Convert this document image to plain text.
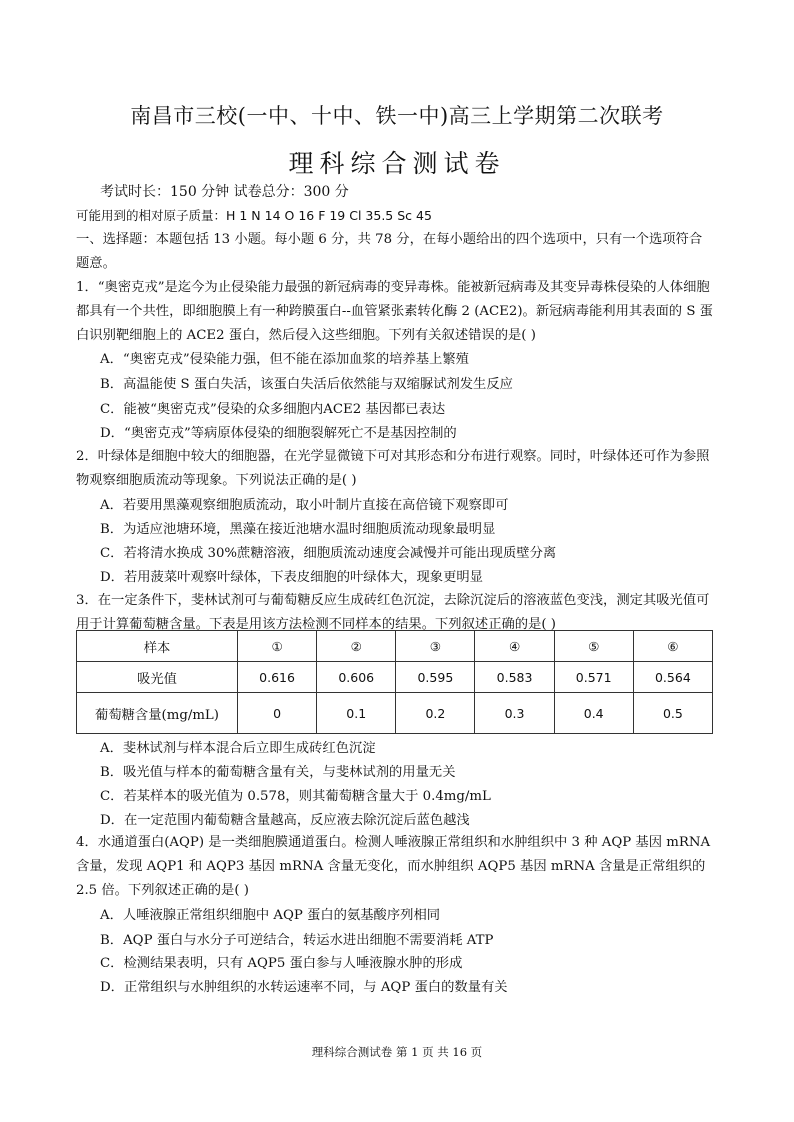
南昌市三校(一中、十中、铁一中)高三上学期第二次联考
理科综合测试卷
考试时长：150 分钟 试卷总分：300 分
可能用到的相对原子质量：H 1 N 14 O 16 F 19 Cl 35.5 Sc 45
一、选择题：本题包括 13 小题。每小题 6 分，共 78 分，在每小题给出的四个选项中，只有一个选项符合 题意。
1．“奥密克戎”是迄今为止侵染能力最强的新冠病毒的变异毒株。能被新冠病毒及其变异毒株侵染的人体细胞都具有一个共性，即细胞膜上有一种跨膜蛋白--血管紧张素转化酶 2 (ACE2)。新冠病毒能利用其表面的 S 蛋白识别靶细胞上的 ACE2 蛋白，然后侵入这些细胞。下列有关叙述错误的是( )
A．“奥密克戎”侵染能力强，但不能在添加血浆的培养基上繁殖
B．高温能使 S 蛋白失活，该蛋白失活后依然能与双缩脲试剂发生反应
C．能被“奥密克戎”侵染的众多细胞内ACE2 基因都已表达
D．“奥密克戎”等病原体侵染的细胞裂解死亡不是基因控制的
2．叶绿体是细胞中较大的细胞器，在光学显微镜下可对其形态和分布进行观察。同时，叶绿体还可作为参照物观察细胞质流动等现象。下列说法正确的是( )
A．若要用黑藻观察细胞质流动，取小叶制片直接在高倍镜下观察即可
B．为适应池塘环境，黑藻在接近池塘水温时细胞质流动现象最明显
C．若将清水换成 30%蔗糖溶液，细胞质流动速度会减慢并可能出现质壁分离
D．若用菠菜叶观察叶绿体，下表皮细胞的叶绿体大，现象更明显
3．在一定条件下，斐林试剂可与葡萄糖反应生成砖红色沉淀，去除沉淀后的溶液蓝色变浅，测定其吸光值可用于计算葡萄糖含量。下表是用该方法检测不同样本的结果。下列叙述正确的是( )
样本	①	②	③	④	⑤	⑥
吸光值	0.616	0.606	0.595	0.583	0.571	0.564
葡萄糖含量(mg/mL)	0	0.1	0.2	0.3	0.4	0.5
A．斐林试剂与样本混合后立即生成砖红色沉淀
B．吸光值与样本的葡萄糖含量有关，与斐林试剂的用量无关
C．若某样本的吸光值为 0.578，则其葡萄糖含量大于 0.4mg/mL
D．在一定范围内葡萄糖含量越高，反应液去除沉淀后蓝色越浅
4．水通道蛋白(AQP) 是一类细胞膜通道蛋白。检测人唾液腺正常组织和水肿组织中 3 种 AQP 基因 mRNA 含量，发现 AQP1 和 AQP3 基因 mRNA 含量无变化，而水肿组织 AQP5 基因 mRNA 含量是正常组织的 2.5 倍。下列叙述正确的是( )
A．人唾液腺正常组织细胞中 AQP 蛋白的氨基酸序列相同
B．AQP 蛋白与水分子可逆结合，转运水进出细胞不需要消耗 ATP
C．检测结果表明，只有 AQP5 蛋白参与人唾液腺水肿的形成
D．正常组织与水肿组织的水转运速率不同，与 AQP 蛋白的数量有关
理科综合测试卷 第 1 页 共 16 页
